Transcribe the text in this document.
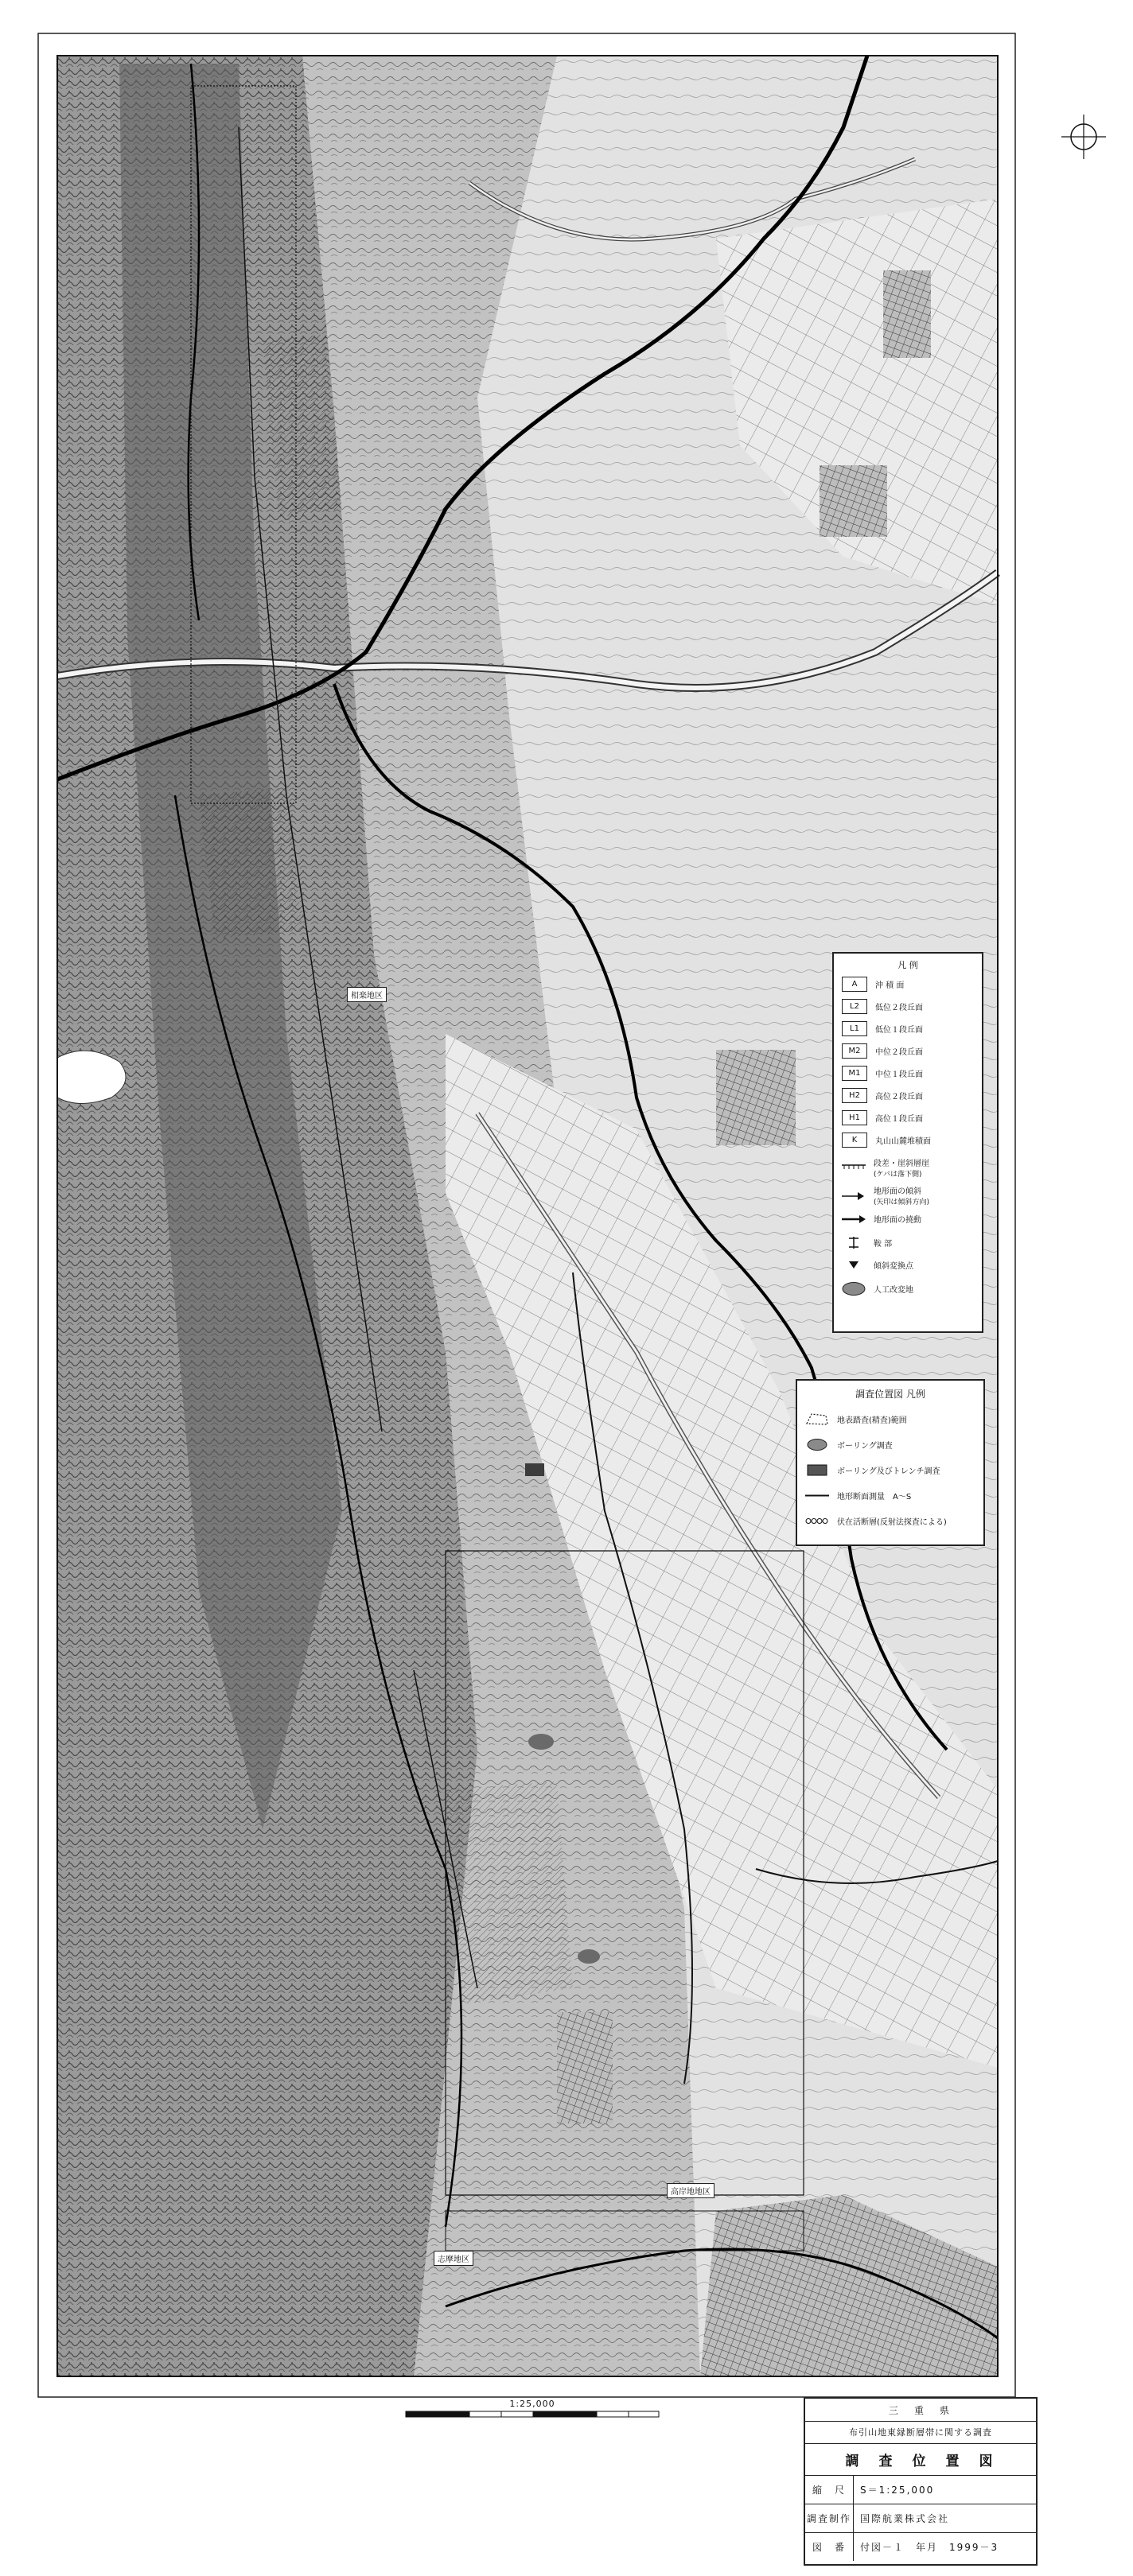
相楽地区
高岸地地区
志摩地区
凡 例
A	沖 積 面
L2	低位２段丘面
L1	低位１段丘面
M2	中位２段丘面
M1	中位１段丘面
H2	高位２段丘面
H1	高位１段丘面
K	丸山山麓堆積面
段差・崖斜層崖
(ケバは落下側)
地形面の傾斜
(矢印は傾斜方向)
地形面の撓動
鞍 部
傾斜変換点
人工改変地
調査位置図 凡例
地表踏査(精査)範囲
ボーリング調査
ボーリング及びトレンチ調査
地形断面測量　A～S
伏在活断層(反射法探査による)
1:25,000
三　重　県
布引山地東縁断層帯に関する調査
調　査　位　置　図
縮　尺	S＝1:25,000
調査制作 国際航業株式会社
図　番	付図－１　年月　1999－3
